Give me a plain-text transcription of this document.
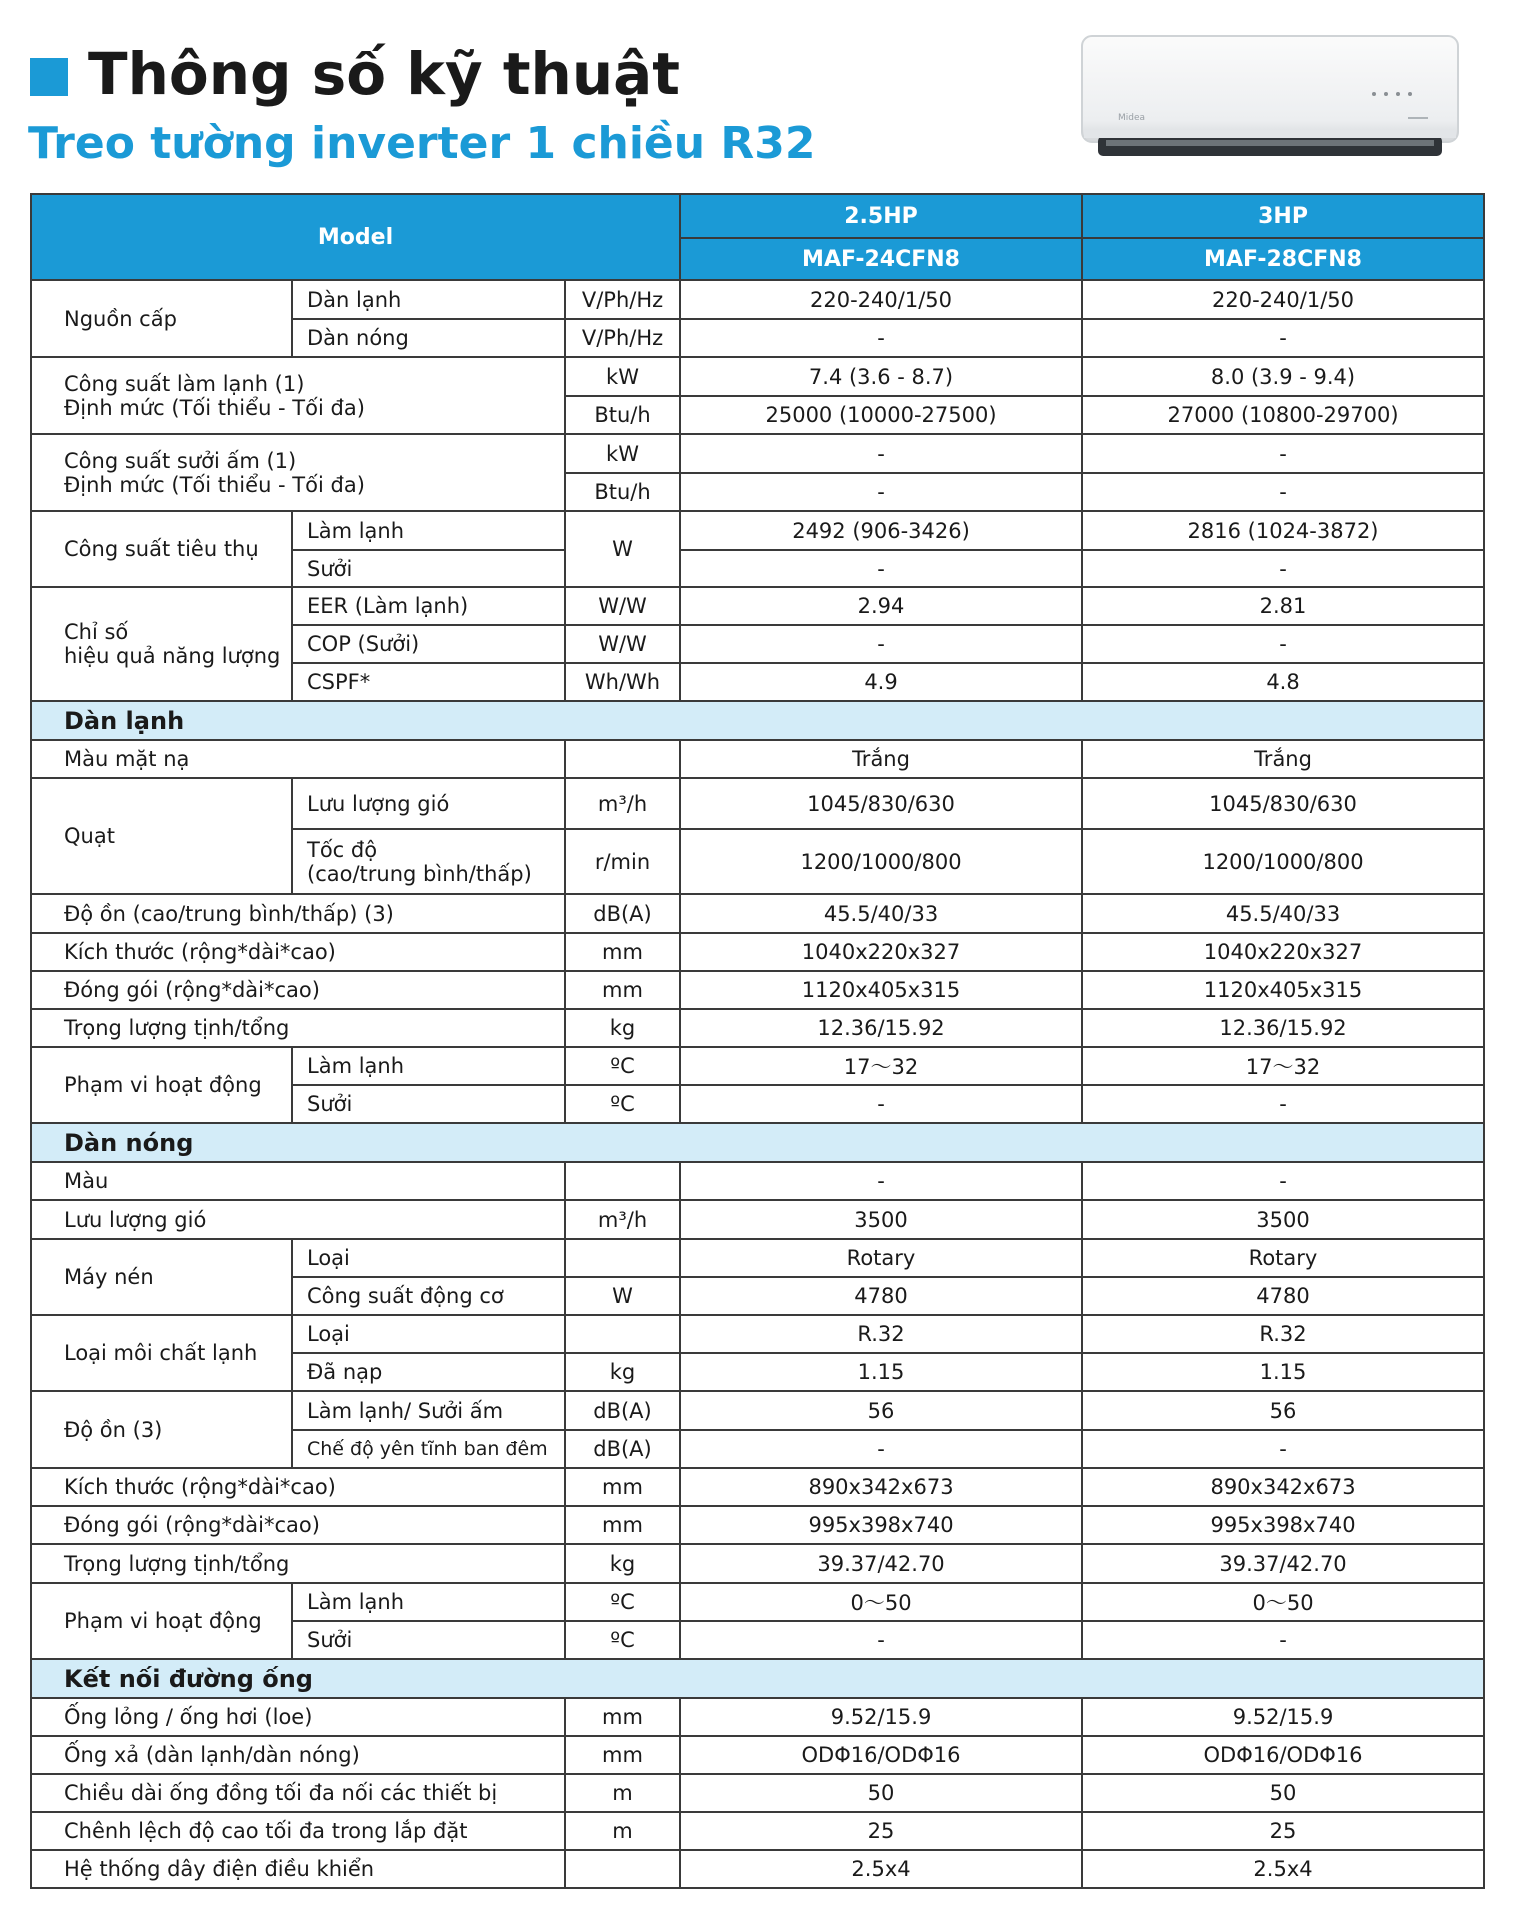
Thông số kỹ thuật
Treo tường inverter 1 chiều R32	Midea
Model			2.5HP	3HP
			MAF-24CFN8	MAF-28CFN8
Nguồn cấp	Dàn lạnh	V/Ph/Hz	220-240/1/50	220-240/1/50
	Dàn nóng	V/Ph/Hz	-	-

Công suất làm lạnh (1)
Định mức (Tối thiểu - Tối đa)		kW	7.4 (3.6 - 8.7)	8.0 (3.9 - 9.4)
		Btu/h	25000 (10000-27500)	27000 (10800-29700)

Công suất sưởi ấm (1)
Định mức (Tối thiểu - Tối đa)		kW	-	-
		Btu/h	-	-
Công suất tiêu thụ	Làm lạnh	W	2492 (906-3426)	2816 (1024-3872)
	Sưởi		-	-

Chỉ số
hiệu quả năng lượng	EER (Làm lạnh)	W/W	2.94	2.81
	COP (Sưởi)	W/W	-	-
	CSPF*	Wh/Wh	4.9	4.8
Dàn lạnh				
Màu mặt nạ			Trắng	Trắng
Quạt	Lưu lượng gió	m³/h	1045/830/630	1045/830/630

	Tốc độ
(cao/trung bình/thấp)	r/min	1200/1000/800	1200/1000/800
Độ ồn (cao/trung bình/thấp) (3)		dB(A)	45.5/40/33	45.5/40/33
Kích thước (rộng*dài*cao)		mm	1040x220x327	1040x220x327
Đóng gói (rộng*dài*cao)		mm	1120x405x315	1120x405x315
Trọng lượng tịnh/tổng		kg	12.36/15.92	12.36/15.92
Phạm vi hoạt động	Làm lạnh	ºC	17～32	17～32
	Sưởi	ºC	-	-
Dàn nóng				
Màu			-	-
Lưu lượng gió		m³/h	3500	3500
Máy nén	Loại		Rotary	Rotary
	Công suất động cơ	W	4780	4780
Loại môi chất lạnh	Loại		R.32	R.32
	Đã nạp	kg	1.15	1.15
Độ ồn (3)	Làm lạnh/ Sưởi ấm	dB(A)	56	56
	Chế độ yên tĩnh ban đêm	dB(A)	-	-
Kích thước (rộng*dài*cao)		mm	890x342x673	890x342x673
Đóng gói (rộng*dài*cao)		mm	995x398x740	995x398x740
Trọng lượng tịnh/tổng		kg	39.37/42.70	39.37/42.70
Phạm vi hoạt động	Làm lạnh	ºC	0～50	0～50
	Sưởi	ºC	-	-
Kết nối đường ống				
Ống lỏng / ống hơi (loe)		mm	9.52/15.9	9.52/15.9
Ống xả (dàn lạnh/dàn nóng)		mm	ODΦ16/ODΦ16	ODΦ16/ODΦ16
Chiều dài ống đồng tối đa nối các thiết bị		m	50	50
Chênh lệch độ cao tối đa trong lắp đặt		m	25	25
Hệ thống dây điện điều khiển			2.5x4	2.5x4
